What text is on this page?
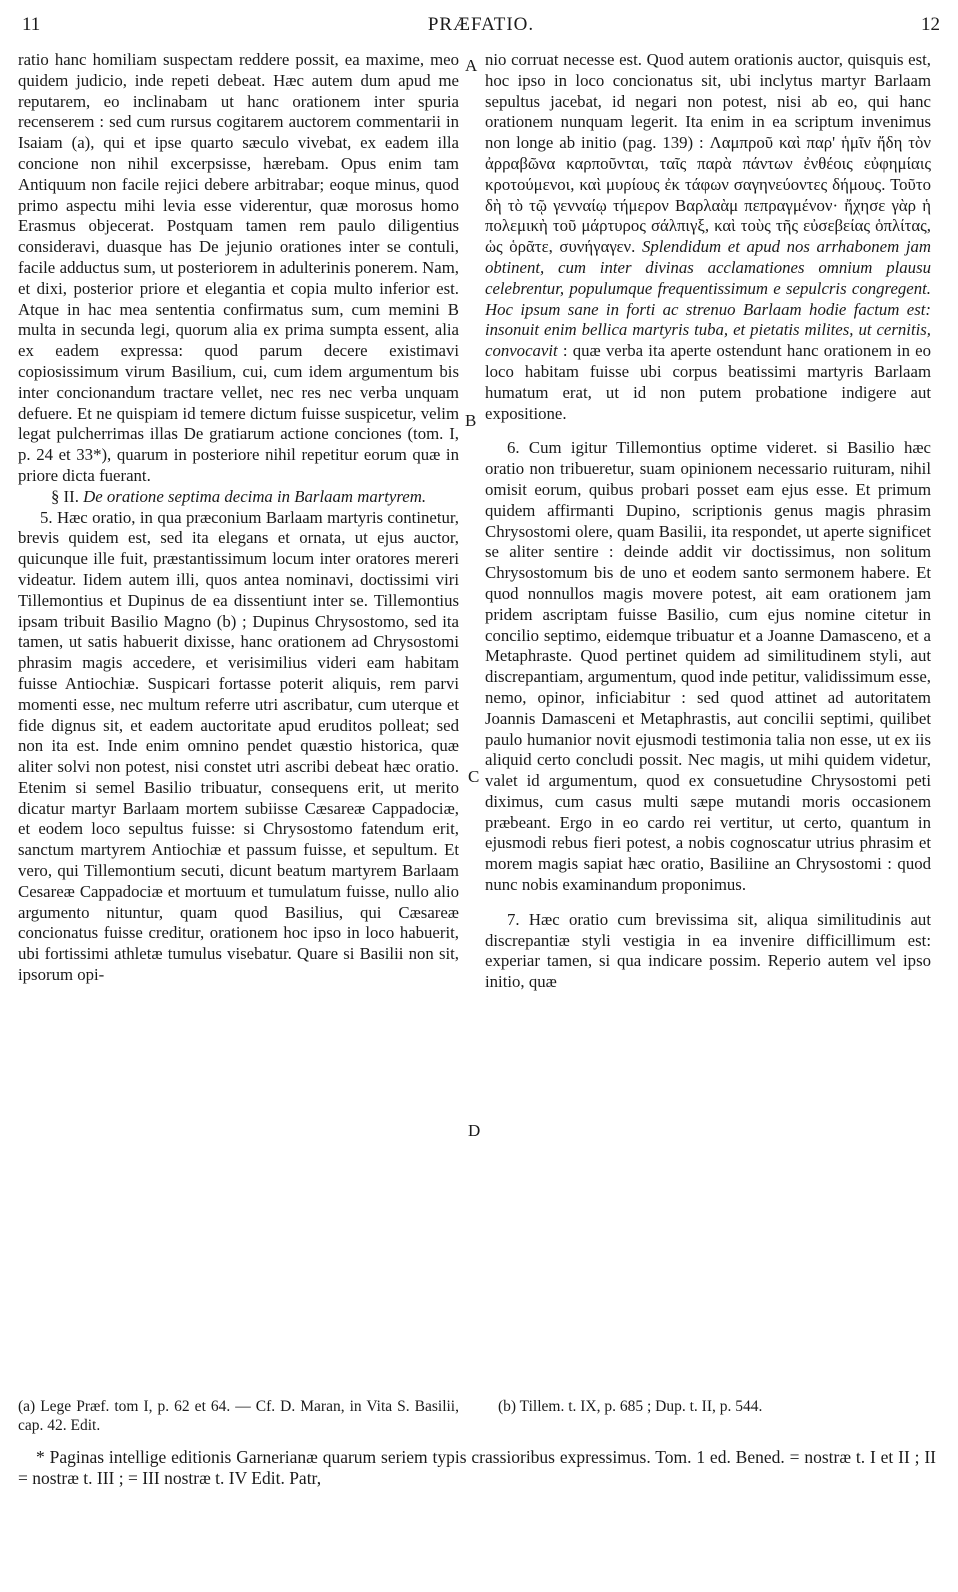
11	PRÆFATIO.	12
A
B
C
D

ratio hanc homiliam suspectam reddere possit, ea maxime, meo quidem judicio, inde repeti debeat. Hæc autem dum apud me reputarem, eo inclinabam ut hanc orationem inter spuria recenserem : sed cum rursus cogitarem auctorem commentarii in Isaiam (a), qui et ipse quarto sæculo vivebat, ex eadem illa concione non nihil excerpsisse, hærebam. Opus enim tam Antiquum non facile rejici debere arbitrabar; eoque minus, quod primo aspectu mihi levia esse viderentur, quæ morosus homo Erasmus objecerat. Postquam tamen rem paulo diligentius consideravi, duasque has De jejunio orationes inter se contuli, facile adductus sum, ut posteriorem in adulterinis ponerem. Nam, et dixi, posterior priore et elegantia et copia multo inferior est. Atque in hac mea sententia confirmatus sum, cum memini B multa in secunda legi, quorum alia ex prima sumpta essent, alia ex eadem expressa: quod parum decere existimavi copiosissimum virum Basilium, cui, cum idem argumentum bis inter concionandum tractare vellet, nec res nec verba unquam defuere. Et ne quispiam id temere dictum fuisse suspicetur, velim legat pulcherrimas illas De gratiarum actione conciones (tom. I, p. 24 et 33*), quarum in posteriore nihil repetitur eorum quæ in priore dicta fuerant.

§ II. De oratione septima decima in Barlaam martyrem.

5. Hæc oratio, in qua præconium Barlaam martyris continetur, brevis quidem est, sed ita elegans et ornata, ut ejus auctor, quicunque ille fuit, præstantissimum locum inter oratores mereri videatur. Iidem autem illi, quos antea nominavi, doctissimi viri Tillemontius et Dupinus de ea dissentiunt inter se. Tillemontius ipsam tribuit Basilio Magno (b) ; Dupinus Chrysostomo, sed ita tamen, ut satis habuerit dixisse, hanc orationem ad Chrysostomi phrasim magis accedere, et verisimilius videri eam habitam fuisse Antiochiæ. Suspicari fortasse poterit aliquis, rem parvi momenti esse, nec multum referre utri ascribatur, cum uterque et fide dignus sit, et eadem auctoritate apud eruditos polleat; sed non ita est. Inde enim omnino pendet quæstio historica, quæ aliter solvi non potest, nisi constet utri ascribi debeat hæc oratio. Etenim si semel Basilio tribuatur, consequens erit, ut merito dicatur martyr Barlaam mortem subiisse Cæsareæ Cappadociæ, et eodem loco sepultus fuisse: si Chrysostomo fatendum erit, sanctum martyrem Antiochiæ et passum fuisse, et sepultum. Et vero, qui Tillemontium secuti, dicunt beatum martyrem Barlaam Cesareæ Cappadociæ et mortuum et tumulatum fuisse, nullo alio argumento nituntur, quam quod Basilius, qui Cæsareæ concionatus fuisse creditur, orationem hoc ipso in loco habuerit, ubi fortissimi athletæ tumulus visebatur. Quare si Basilii non sit, ipsorum opi-

nio corruat necesse est. Quod autem orationis auctor, quisquis est, hoc ipso in loco concionatus sit, ubi inclytus martyr Barlaam sepultus jacebat, id negari non potest, nisi ab eo, qui hanc orationem nunquam legerit. Ita enim in ea scriptum invenimus non longe ab initio (pag. 139) : Λαμπροῦ καὶ παρ' ἡμῖν ἤδη τὸν ἀρραβῶνα καρποῦνται, ταῖς παρὰ πάντων ἐνθέοις εὐφημίαις κροτούμενοι, καὶ μυρίους ἐκ τάφων σαγηνεύοντες δήμους. Τοῦτο δὴ τὸ τῷ γενναίῳ τήμερον Βαρλαὰμ πεπραγμένον· ἤχησε γὰρ ἡ πολεμικὴ τοῦ μάρτυρος σάλπιγξ, καὶ τοὺς τῆς εὐσεβείας ὁπλίτας, ὡς ὁρᾶτε, συνήγαγεν. Splendidum et apud nos arrhabonem jam obtinent, cum inter divinas acclamationes omnium plausu celebrentur, populumque frequentissimum e sepulcris congregent. Hoc ipsum sane in forti ac strenuo Barlaam hodie factum est: insonuit enim bellica martyris tuba, et pietatis milites, ut cernitis, convocavit : quæ verba ita aperte ostendunt hanc orationem in eo loco habitam fuisse ubi corpus beatissimi martyris Barlaam humatum erat, ut id non putem probatione indigere aut expositione.

6. Cum igitur Tillemontius optime videret. si Basilio hæc oratio non tribueretur, suam opinionem necessario ruituram, nihil omisit eorum, quibus probari posset eam ejus esse. Et primum quidem affirmanti Dupino, scriptionis genus magis phrasim Chrysostomi olere, quam Basilii, ita respondet, ut aperte significet se aliter sentire : deinde addit vir doctissimus, non solitum Chrysostomum bis de uno et eodem santo sermonem habere. Et quod nonnullos magis movere potest, ait eam orationem jam pridem ascriptam fuisse Basilio, cum ejus nomine citetur in concilio septimo, eidemque tribuatur et a Joanne Damasceno, et a Metaphraste. Quod pertinet quidem ad similitudinem styli, aut discrepantiam, argumentum, quod inde petitur, validissimum esse, nemo, opinor, inficiabitur : sed quod attinet ad autoritatem Joannis Damasceni et Metaphrastis, aut concilii septimi, quilibet paulo humanior novit ejusmodi testimonia talia non esse, ut ex iis aliquid certo concludi possit. Nec magis, ut mihi quidem videtur, valet id argumentum, quod ex consuetudine Chrysostomi peti diximus, cum casus multi sæpe mutandi moris occasionem præbeant. Ergo in eo cardo rei vertitur, ut certo, quantum in ejusmodi rebus fieri potest, a nobis cognoscatur utrius phrasim et morem magis sapiat hæc oratio, Basiliine an Chrysostomi : quod nunc nobis examinandum proponimus.

7. Hæc oratio cum brevissima sit, aliqua similitudinis aut discrepantiæ styli vestigia in ea invenire difficillimum est: experiar tamen, si qua indicare possim. Reperio autem vel ipso initio, quæ

(a) Lege Præf. tom I, p. 62 et 64. — Cf. D. Maran, in Vita S. Basilii, cap. 42. Edit.
(b) Tillem. t. IX, p. 685 ; Dup. t. II, p. 544.
* Paginas intellige editionis Garnerianæ quarum seriem typis crassioribus expressimus. Tom. 1 ed. Bened. = nostræ t. I et II ; II = nostræ t. III ; = III nostræ t. IV Edit. Patr,
